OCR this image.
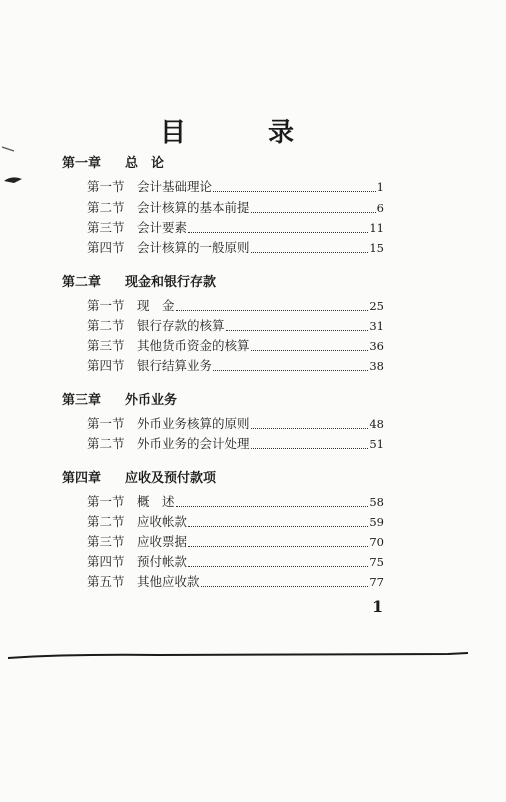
目	录
第一章 总　论
第一节 会计基础理论	1
第二节 会计核算的基本前提	6
第三节 会计要素	11
第四节 会计核算的一般原则	15
第二章 现金和银行存款
第一节 现　金	25
第二节 银行存款的核算	31
第三节 其他货币资金的核算	36
第四节 银行结算业务	38
第三章 外币业务
第一节 外币业务核算的原则	48
第二节 外币业务的会计处理	51
第四章 应收及预付款项
第一节 概　述	58
第二节 应收帐款	59
第三节 应收票据	70
第四节 预付帐款	75
第五节 其他应收款	77
1
